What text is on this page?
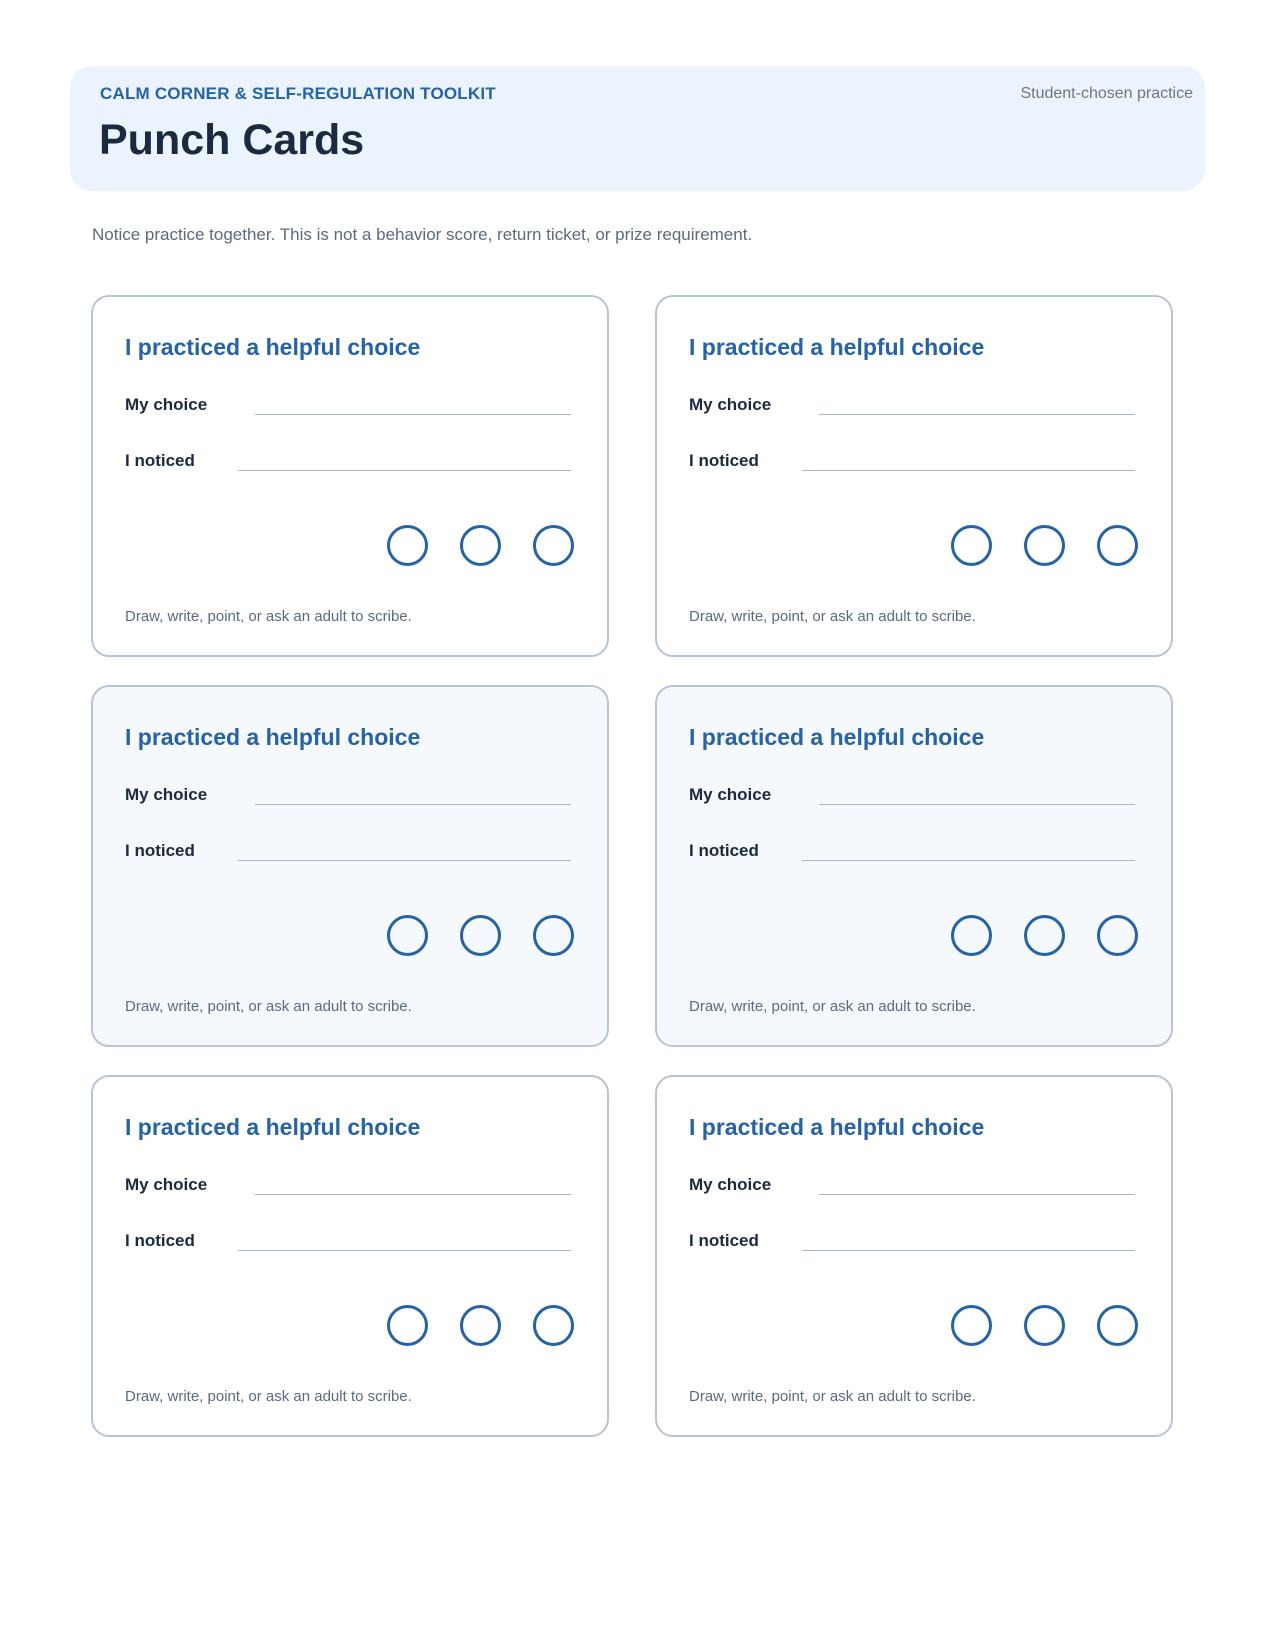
CALM CORNER & SELF-REGULATION TOOLKIT
Punch Cards
Student-chosen practice
Notice practice together. This is not a behavior score, return ticket, or prize requirement.
I practiced a helpful choice
My choice
I noticed
Draw, write, point, or ask an adult to scribe.
I practiced a helpful choice
My choice
I noticed
Draw, write, point, or ask an adult to scribe.
I practiced a helpful choice
My choice
I noticed
Draw, write, point, or ask an adult to scribe.
I practiced a helpful choice
My choice
I noticed
Draw, write, point, or ask an adult to scribe.
I practiced a helpful choice
My choice
I noticed
Draw, write, point, or ask an adult to scribe.
I practiced a helpful choice
My choice
I noticed
Draw, write, point, or ask an adult to scribe.
